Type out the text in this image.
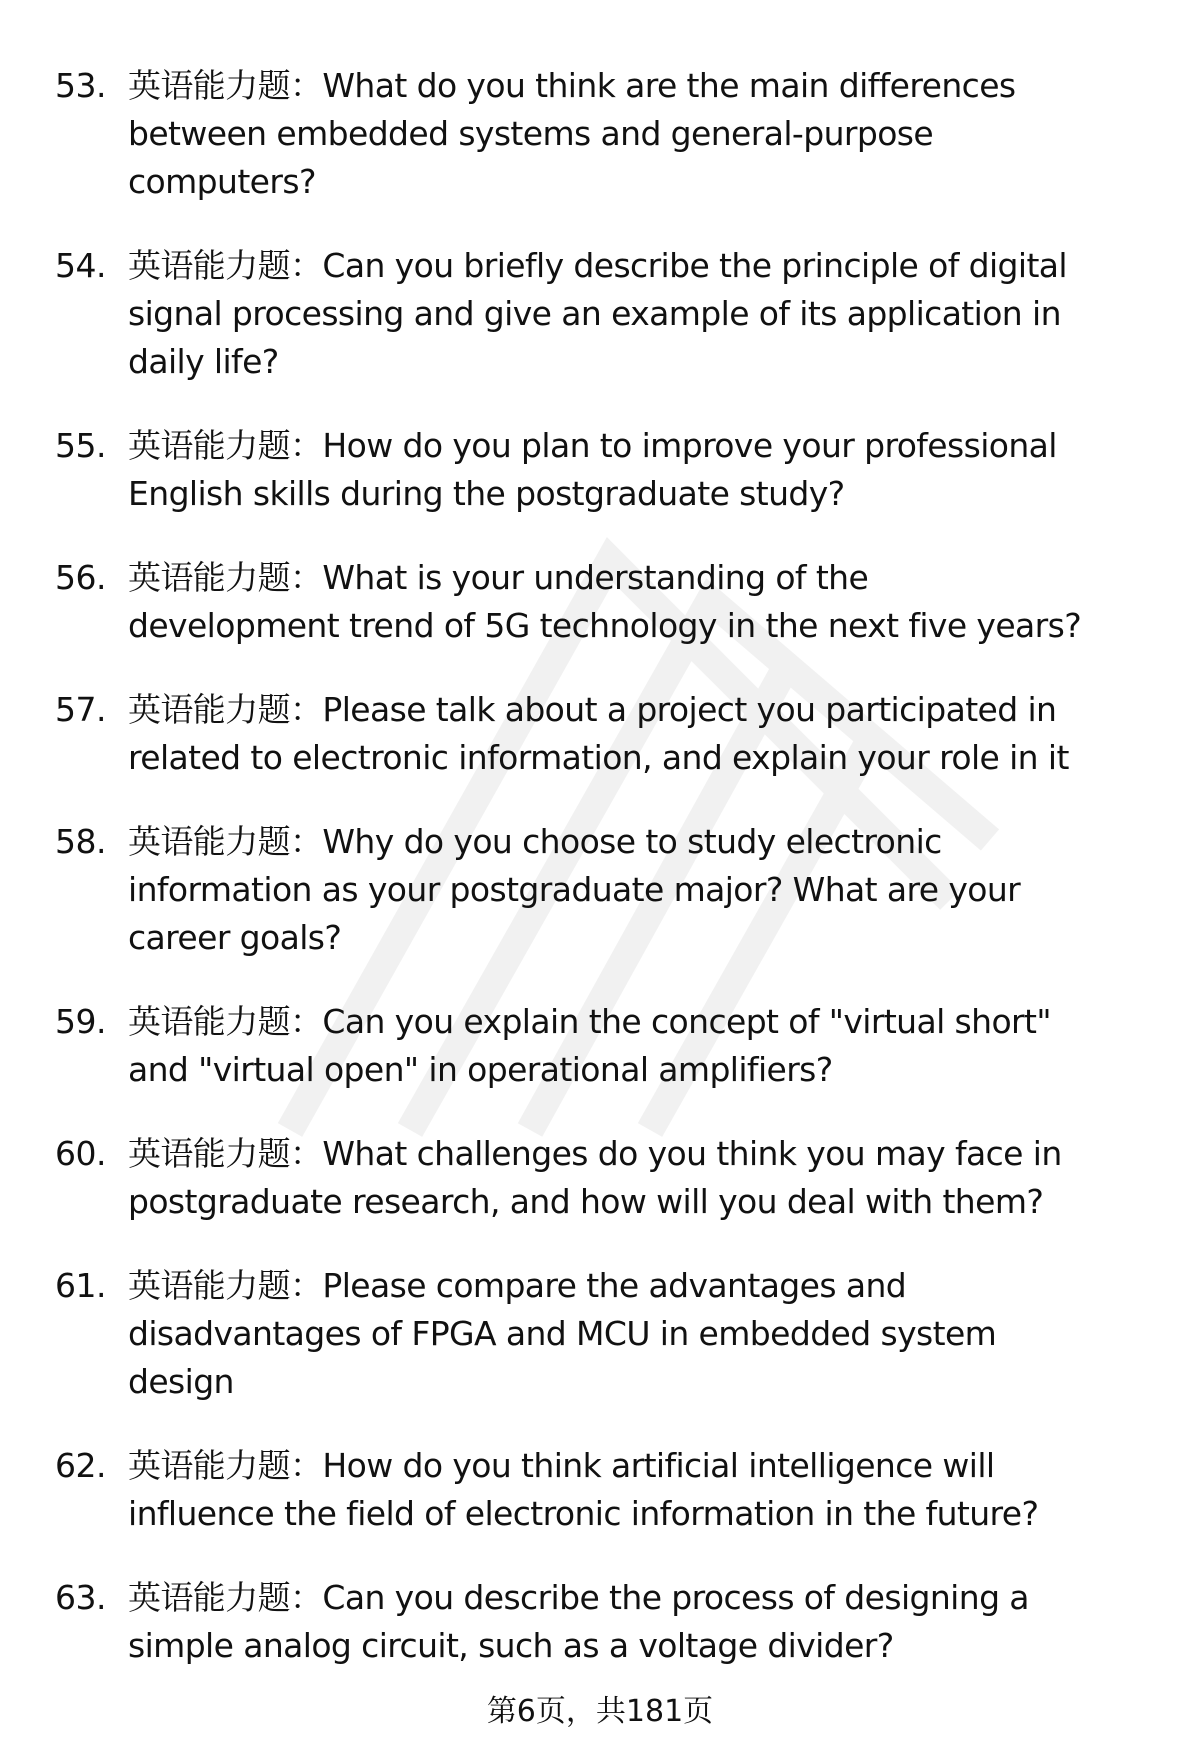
53. 英语能力题：What do you think are the main differences
between embedded systems and general-purpose
computers?
54. 英语能力题：Can you briefly describe the principle of digital
signal processing and give an example of its application in
daily life?
55. 英语能力题：How do you plan to improve your professional
English skills during the postgraduate study?
56. 英语能力题：What is your understanding of the
development trend of 5G technology in the next five years?
57. 英语能力题：Please talk about a project you participated in
related to electronic information, and explain your role in it
58. 英语能力题：Why do you choose to study electronic
information as your postgraduate major? What are your
career goals?
59. 英语能力题：Can you explain the concept of "virtual short"
and "virtual open" in operational amplifiers?
60. 英语能力题：What challenges do you think you may face in
postgraduate research, and how will you deal with them?
61. 英语能力题：Please compare the advantages and
disadvantages of FPGA and MCU in embedded system
design
62. 英语能力题：How do you think artificial intelligence will
influence the field of electronic information in the future?
63. 英语能力题：Can you describe the process of designing a
simple analog circuit, such as a voltage divider?
第6页，共181页
